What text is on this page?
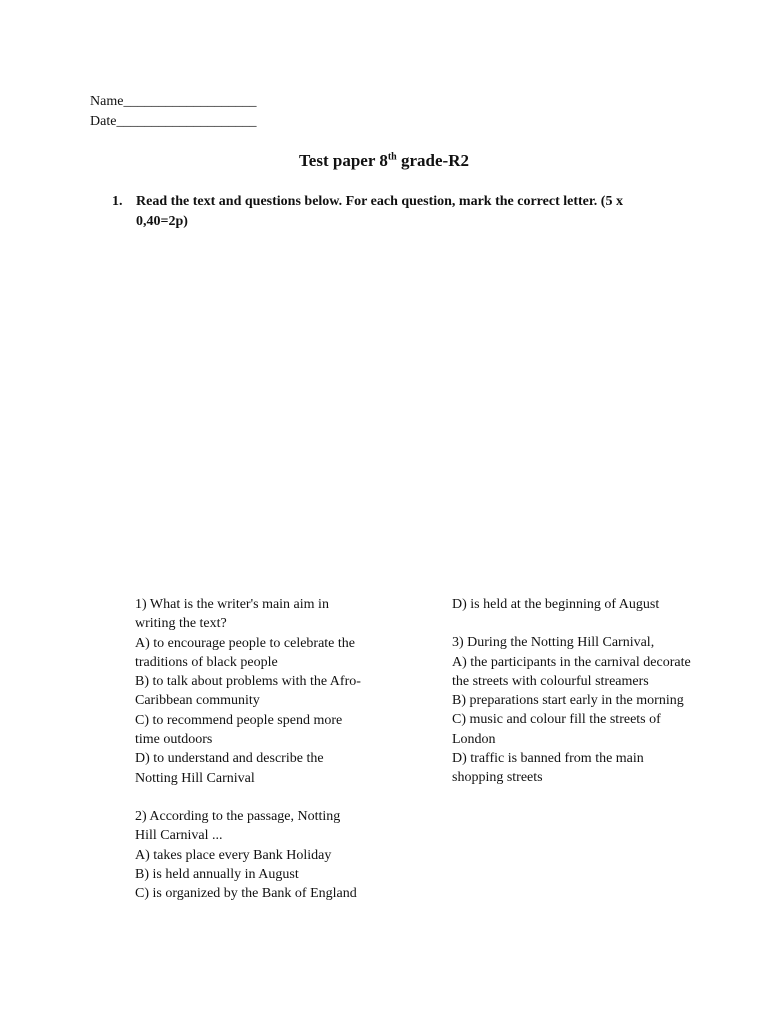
Name___________________
Date____________________
Test paper 8th grade-R2
1. Read the text and questions below. For each question, mark the correct letter. (5 x 0,40=2p)
1) What is the writer's main aim in writing the text?
A) to encourage people to celebrate the traditions of black people
B) to talk about problems with the Afro-Caribbean community
C) to recommend people spend more time outdoors
D) to understand and describe the Notting Hill Carnival
2) According to the passage, Notting Hill Carnival ...
A) takes place every Bank Holiday
B) is held annually in August
C) is organized by the Bank of England
D) is held at the beginning of August
3) During the Notting Hill Carnival,
A) the participants in the carnival decorate the streets with colourful streamers
B) preparations start early in the morning
C) music and colour fill the streets of London
D) traffic is banned from the main shopping streets
